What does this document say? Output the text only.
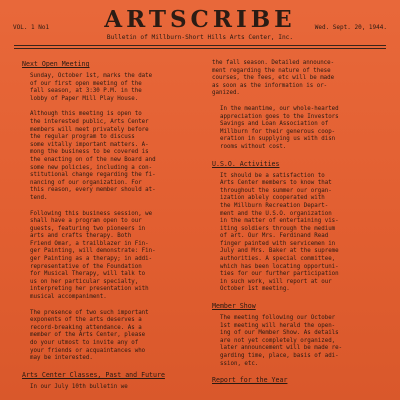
ARTSCRIBE
VOL. 1 No1	Wed. Sept. 20, 1944.
Bulletin of Millburn-Short Hills Arts Center, Inc.
Next Open Meeting
Sunday, October 1st, marks the date
of our first open meeting of the
fall season, at 3:30 P.M. in the
lobby of Paper Mill Play House.
Although this meeting is open to
the interested public, Arts Center
members will meet privately before
the regular program to discuss
some vitally important matters. A-
mong the business to be covered is
the enacting on of the new Board and
some new policies, including a con-
stitutional change regarding the fi-
nancing of our organization. For
this reason, every member should at-
tend.
Following this business session, we
shall have a program open to our
guests, featuring two pioneers in
arts and crafts therapy. Both
Friend Omar, a trailblazer in Fin-
ger Painting, will demonstrate: Fin-
ger Painting as a therapy; in addi-
representative of the Foundation
for Musical Therapy, will talk to
us on her particular specialty,
interpreting her presentation with
musical accompaniment.
The presence of two such important
exponents of the arts deserves a
record-breaking attendance. As a
member of the Arts Center, please
do your utmost to invite any of
your friends or acquaintances who
may be interested.
Arts Center Classes, Past and Future
In our July 10th bulletin we
the fall season. Detailed announce-
ment regarding the nature of these
courses, the fees, etc will be made
as soon as the information is or-
ganized.
In the meantime, our whole-hearted
appreciation goes to the Investors
Savings and Loan Association of
Millburn for their generous coop-
eration in supplying us with disn
rooms without cost.
U.S.O. Activities
It should be a satisfaction to
Arts Center members to know that
throughout the summer our organ-
ization ablely cooperated with
the Millburn Recreation Depart-
ment and the U.S.O. organization
in the matter of entertaining vis-
iting soldiers through the medium
of art. Our Mrs. Ferdinand Read
finger painted with servicemen in
July and Mrs. Baker at the supreme
authorities. A special committee,
which has been locating opportuni-
ties for our further participation
in such work, will report at our
October 1st meeting.
Member Show
The meeting following our October
1st meeting will herald the open-
ing of our Member Show. As details
are not yet completely organized,
later announcement will be made re-
garding time, place, basis of adi-
ssion, etc.
Report for the Year
